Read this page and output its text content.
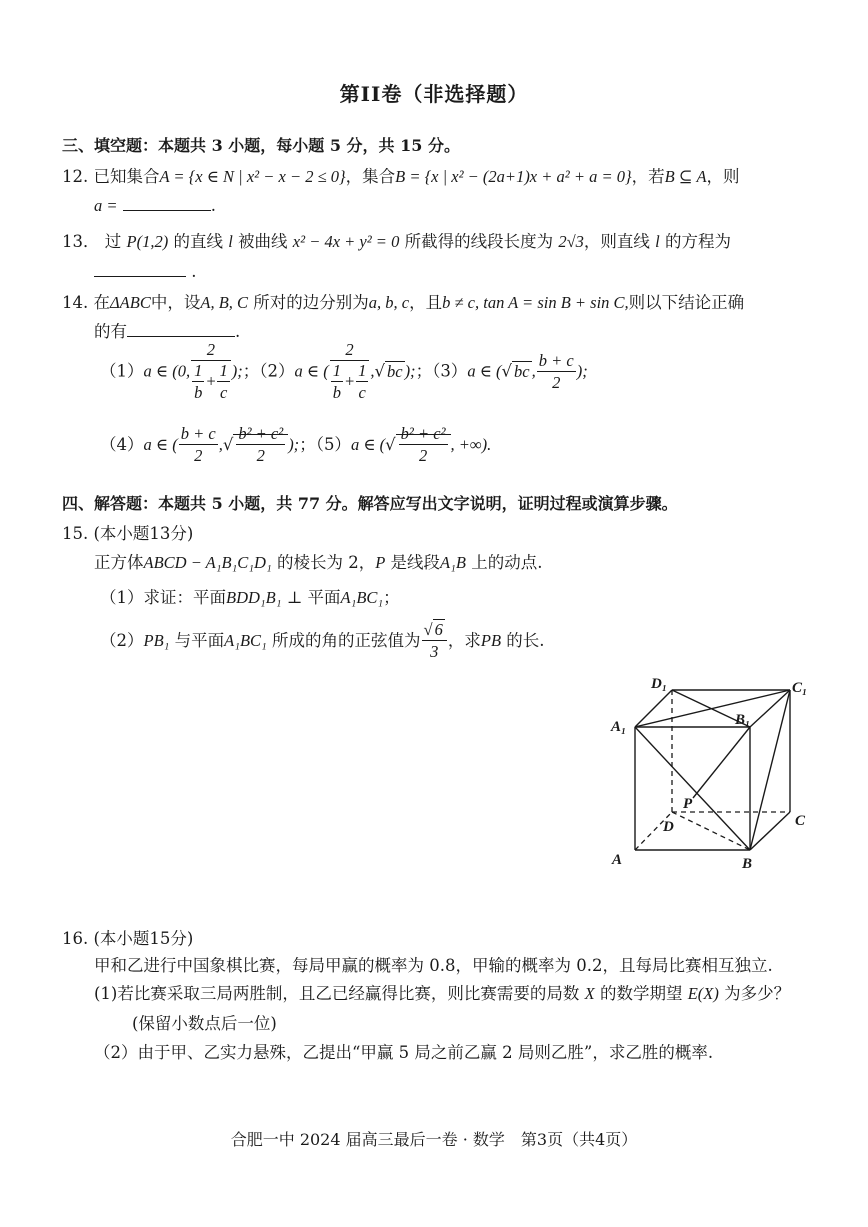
第II卷（非选择题）
三、填空题：本题共 3 小题，每小题 5 分，共 15 分。
12. 已知集合A = {x ∈ N | x² − x − 2 ≤ 0}，集合B = {x | x² − (2a+1)x + a² + a = 0}，若B ⊆ A，则
a =	.
13． 过 P(1,2) 的直线 l 被曲线 x² − 4x + y² = 0 所截得的线段长度为 2√3，则直线 l 的方程为
.
14. 在ΔABC中，设A, B, C 所对的边分别为a, b, c，且b ≠ c, tan A = sin B + sin C,则以下结论正确
的有	.
（1）a ∈ (0, $\frac{2}{\frac{1}{b} + \frac{1}{c}}$ );；（2）a ∈ ( $\frac{2}{\frac{1}{b} + \frac{1}{c}}$ ,√ bc );；（3）a ∈ (√ bc , $\frac{b + c}{2}$ );
（4）a ∈ ( $\frac{b + c}{2}$ ,√ $\frac{\text{b² + c²}}{2}$ );；（5）a ∈ (√ $\frac{\text{b² + c²}}{2}$ , +∞).
四、解答题：本题共 5 小题，共 77 分。解答应写出文字说明，证明过程或演算步骤。
15. (本小题13分)
正方体ABCD − A₁B₁C₁D₁ 的棱长为 2，P 是线段A₁B 上的动点.
（1）求证：平面BDD₁B₁ ⊥ 平面A₁BC₁；
（2）PB₁ 与平面A₁BC₁ 所成的角的正弦值为 $\frac{√ 6}{3}$ ，求PB 的长.
D₁	C₁
A₁	B₁
P
D	C
A	B
16. (本小题15分)
甲和乙进行中国象棋比赛，每局甲赢的概率为 0.8，甲输的概率为 0.2，且每局比赛相互独立.
(1)若比赛采取三局两胜制，且乙已经赢得比赛，则比赛需要的局数 X 的数学期望 E(X) 为多少？
(保留小数点后一位)
（2）由于甲、乙实力悬殊，乙提出“甲赢 5 局之前乙赢 2 局则乙胜”，求乙胜的概率.
合肥一中 2024 届高三最后一卷 · 数学　第3页（共4页）
